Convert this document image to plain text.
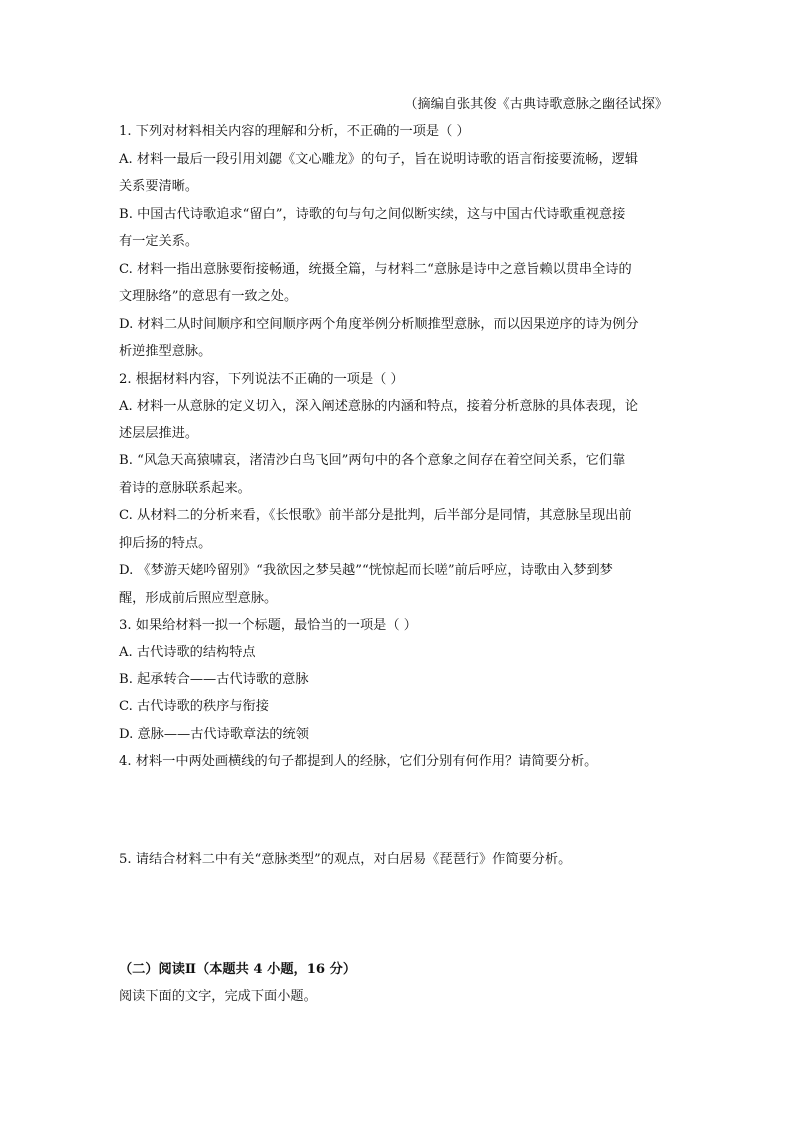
（摘编自张其俊《古典诗歌意脉之幽径试探》
1. 下列对材料相关内容的理解和分析，不正确的一项是（ ）
A. 材料一最后一段引用刘勰《文心雕龙》的句子，旨在说明诗歌的语言衔接要流畅，逻辑
关系要清晰。
B. 中国古代诗歌追求“留白”，诗歌的句与句之间似断实续，这与中国古代诗歌重视意接
有一定关系。
C. 材料一指出意脉要衔接畅通，统摄全篇，与材料二“意脉是诗中之意旨赖以贯串全诗的
文理脉络”的意思有一致之处。
D. 材料二从时间顺序和空间顺序两个角度举例分析顺推型意脉，而以因果逆序的诗为例分
析逆推型意脉。
2. 根据材料内容，下列说法不正确的一项是（ ）
A. 材料一从意脉的定义切入，深入阐述意脉的内涵和特点，接着分析意脉的具体表现，论
述层层推进。
B. “风急天高猿啸哀，渚清沙白鸟飞回”两句中的各个意象之间存在着空间关系，它们靠
着诗的意脉联系起来。
C. 从材料二的分析来看，《长恨歌》前半部分是批判，后半部分是同情，其意脉呈现出前
抑后扬的特点。
D. 《梦游天姥吟留别》“我欲因之梦吴越”“恍惊起而长嗟”前后呼应，诗歌由入梦到梦
醒，形成前后照应型意脉。
3. 如果给材料一拟一个标题，最恰当的一项是（ ）
A. 古代诗歌的结构特点
B. 起承转合——古代诗歌的意脉
C. 古代诗歌的秩序与衔接
D. 意脉——古代诗歌章法的统领
4. 材料一中两处画横线的句子都提到人的经脉，它们分别有何作用？请简要分析。
5. 请结合材料二中有关“意脉类型”的观点，对白居易《琵琶行》作简要分析。
（二）阅读Ⅱ（本题共 4 小题，16 分）
阅读下面的文字，完成下面小题。
